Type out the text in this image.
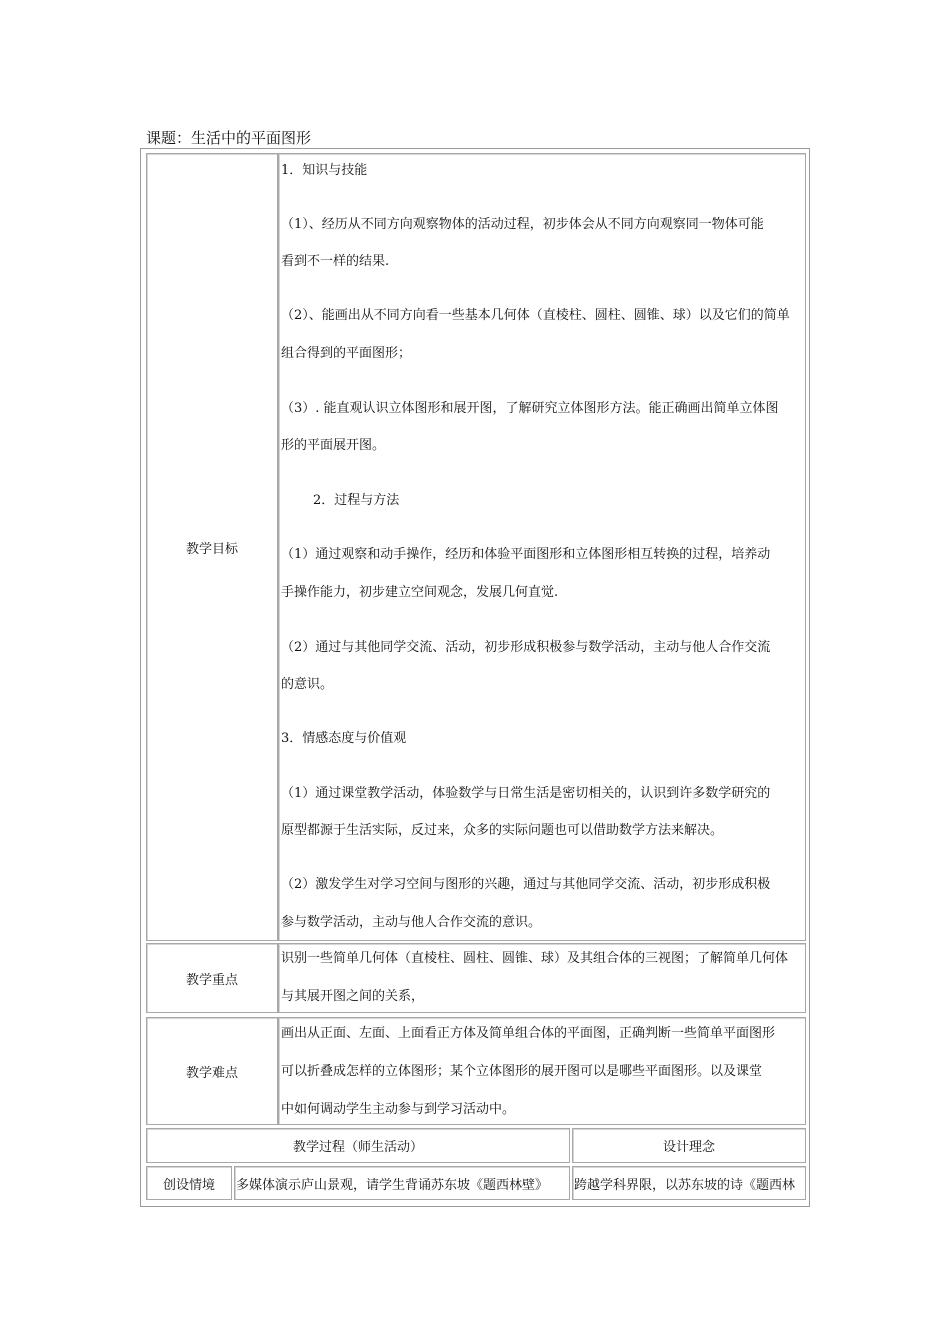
课题：生活中的平面图形
教学目标
1．知识与技能
（1）、经历从不同方向观察物体的活动过程，初步体会从不同方向观察同一物体可能
看到不一样的结果.
（2）、能画出从不同方向看一些基本几何体（直棱柱、圆柱、圆锥、球）以及它们的简单
组合得到的平面图形；
（3）. 能直观认识立体图形和展开图，了解研究立体图形方法。能正确画出简单立体图
形的平面展开图。
2．过程与方法
（1）通过观察和动手操作，经历和体验平面图形和立体图形相互转换的过程，培养动
手操作能力，初步建立空间观念，发展几何直觉.
（2）通过与其他同学交流、活动，初步形成积极参与数学活动，主动与他人合作交流
的意识。
3．情感态度与价值观
（1）通过课堂教学活动，体验数学与日常生活是密切相关的，认识到许多数学研究的
原型都源于生活实际，反过来，众多的实际问题也可以借助数学方法来解决。
（2）激发学生对学习空间与图形的兴趣，通过与其他同学交流、活动，初步形成积极
参与数学活动，主动与他人合作交流的意识。
教学重点
识别一些简单几何体（直棱柱、圆柱、圆锥、球）及其组合体的三视图；了解简单几何体
与其展开图之间的关系，
教学难点
画出从正面、左面、上面看正方体及简单组合体的平面图，正确判断一些简单平面图形
可以折叠成怎样的立体图形；某个立体图形的展开图可以是哪些平面图形。以及课堂
中如何调动学生主动参与到学习活动中。
教学过程（师生活动）	设计理念
创设情境 多媒体演示庐山景观，请学生背诵苏东坡《题西林壁》 跨越学科界限，以苏东坡的诗《题西林
